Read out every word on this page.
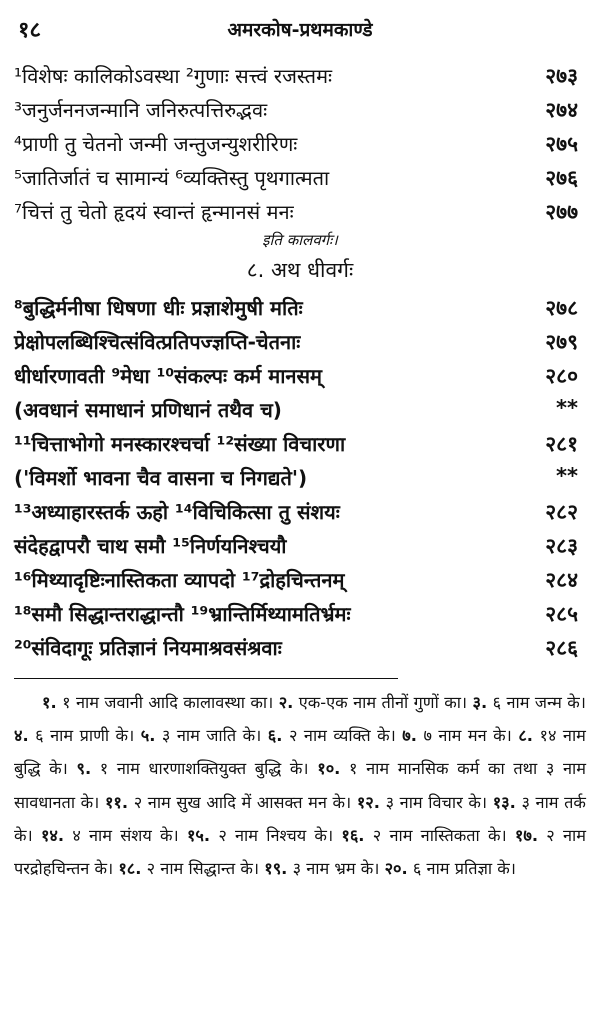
१८	अमरकोष-प्रथमकाण्डे
¹विशेषः कालिकोऽवस्था ²गुणाः सत्त्वं रजस्तमः	२७३
³जनुर्जननजन्मानि जनिरुत्पत्तिरुद्भवः	२७४
⁴प्राणी तु चेतनो जन्मी जन्तुजन्युशरीरिणः	२७५
⁵जातिर्जातं च सामान्यं ⁶व्यक्तिस्तु पृथगात्मता	२७६
⁷चित्तं तु चेतो हृदयं स्वान्तं हृन्मानसं मनः	२७७
इति कालवर्गः।
८. अथ धीवर्गः
⁸बुद्धिर्मनीषा धिषणा धीः प्रज्ञाशेमुषी मतिः	२७८
प्रेक्षोपलब्धिश्चित्संवित्प्रतिपज्ज्ञप्ति-चेतनाः	२७९
धीर्धारणावती ⁹मेधा ¹⁰संकल्पः कर्म मानसम्	२८०
(अवधानं समाधानं प्रणिधानं तथैव च)	**
¹¹चित्ताभोगो मनस्कारश्चर्चा ¹²संख्या विचारणा	२८१
('विमर्शो भावना चैव वासना च निगद्यते')	**
¹³अध्याहारस्तर्क ऊहो ¹⁴विचिकित्सा तु संशयः	२८२
संदेहद्वापरौ चाथ समौ ¹⁵निर्णयनिश्चयौ	२८३
¹⁶मिथ्यादृष्टिःनास्तिकता व्यापदो ¹⁷द्रोहचिन्तनम्	२८४
¹⁸समौ सिद्धान्तराद्धान्तौ ¹⁹भ्रान्तिर्मिथ्यामतिर्भ्रमः	२८५
²⁰संविदागूः प्रतिज्ञानं नियमाश्रवसंश्रवाः	२८६
१. १ नाम जवानी आदि कालावस्था का। २. एक-एक नाम तीनों गुणों का। ३. ६ नाम जन्म के। ४. ६ नाम प्राणी के। ५. ३ नाम जाति के। ६. २ नाम व्यक्ति के। ७. ७ नाम मन के। ८. १४ नाम बुद्धि के। ९. १ नाम धारणाशक्तियुक्त बुद्धि के। १०. १ नाम मानसिक कर्म का तथा ३ नाम सावधानता के। ११. २ नाम सुख आदि में आसक्त मन के। १२. ३ नाम विचार के। १३. ३ नाम तर्क के। १४. ४ नाम संशय के। १५. २ नाम निश्चय के। १६. २ नाम नास्तिकता के। १७. २ नाम परद्रोहचिन्तन के। १८. २ नाम सिद्धान्त के। १९. ३ नाम भ्रम के। २०. ६ नाम प्रतिज्ञा के।
